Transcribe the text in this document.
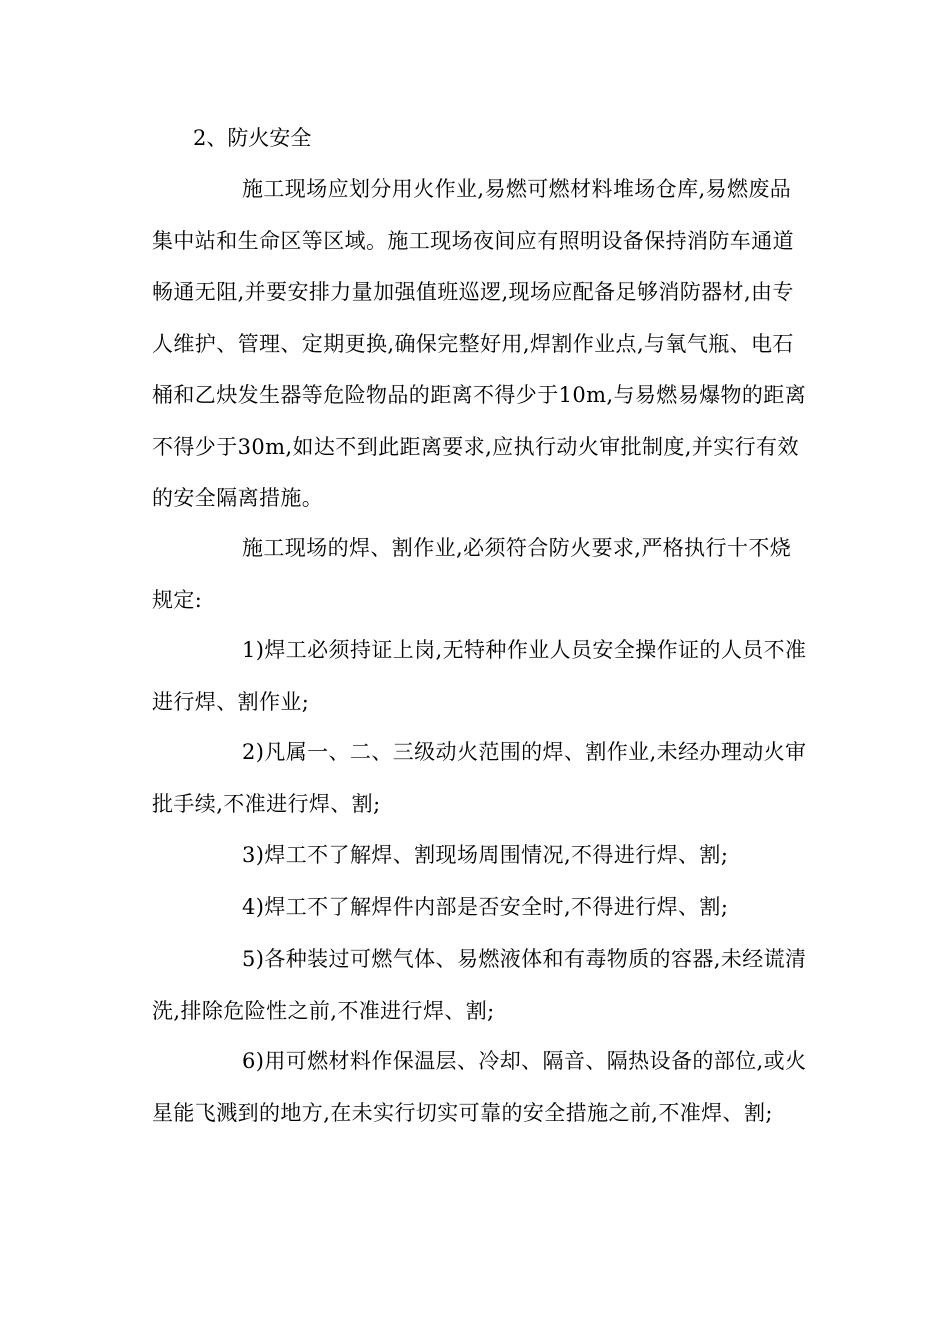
2、防火安全

施工现场应划分用火作业,易燃可燃材料堆场仓库,易燃废品集中站和生命区等区域。施工现场夜间应有照明设备保持消防车通道畅通无阻,并要安排力量加强值班巡逻,现场应配备足够消防器材,由专人维护、管理、定期更换,确保完整好用,焊割作业点,与氧气瓶、电石桶和乙炔发生器等危险物品的距离不得少于10m,与易燃易爆物的距离不得少于30m,如达不到此距离要求,应执行动火审批制度,并实行有效的安全隔离措施。

施工现场的焊、割作业,必须符合防火要求,严格执行十不烧规定:

1)焊工必须持证上岗,无特种作业人员安全操作证的人员不准进行焊、割作业;

2)凡属一、二、三级动火范围的焊、割作业,未经办理动火审批手续,不准进行焊、割;

3)焊工不了解焊、割现场周围情况,不得进行焊、割;

4)焊工不了解焊件内部是否安全时,不得进行焊、割;

5)各种装过可燃气体、易燃液体和有毒物质的容器,未经谎清洗,排除危险性之前,不准进行焊、割;

6)用可燃材料作保温层、冷却、隔音、隔热设备的部位,或火星能飞溅到的地方,在未实行切实可靠的安全措施之前,不准焊、割;
